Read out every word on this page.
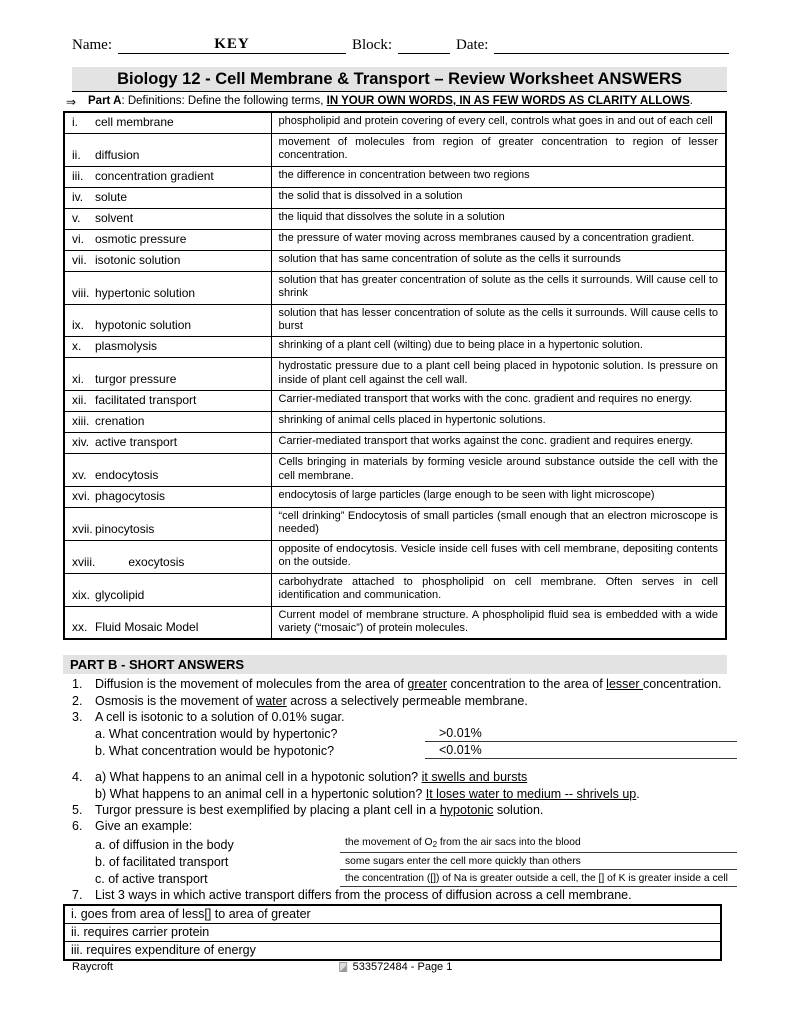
Name:	KEY	Block:	Date:
Biology 12 - Cell Membrane & Transport – Review Worksheet ANSWERS
⇒	Part A: Definitions: Define the following terms, IN YOUR OWN WORDS, IN AS FEW WORDS AS CLARITY ALLOWS.
i. cell membrane	phospholipid and protein covering of every cell, controls what goes in and out of each cell
ii. diffusion	movement of molecules from region of greater concentration to region of lesser concentration.
iii. concentration gradient	the difference in concentration between two regions
iv. solute	the solid that is dissolved in a solution
v. solvent	the liquid that dissolves the solute in a solution
vi. osmotic pressure	the pressure of water moving across membranes caused by a concentration gradient.
vii. isotonic solution	solution that has same concentration of solute as the cells it surrounds
viii. hypertonic solution	solution that has greater concentration of solute as the cells it surrounds. Will cause cell to shrink
ix. hypotonic solution	solution that has lesser concentration of solute as the cells it surrounds. Will cause cells to burst
x. plasmolysis	shrinking of a plant cell (wilting) due to being place in a hypertonic solution.
xi. turgor pressure	hydrostatic pressure due to a plant cell being placed in hypotonic solution. Is pressure on inside of plant cell against the cell wall.
xii. facilitated transport	Carrier-mediated transport that works with the conc. gradient and requires no energy.
xiii. crenation	shrinking of animal cells placed in hypertonic solutions.
xiv. active transport	Carrier-mediated transport that works against the conc. gradient and requires energy.
xv. endocytosis	Cells bringing in materials by forming vesicle around substance outside the cell with the cell membrane.
xvi. phagocytosis	endocytosis of large particles (large enough to be seen with light microscope)
xvii. pinocytosis	“cell drinking” Endocytosis of small particles (small enough that an electron microscope is needed)
xviii. exocytosis	opposite of endocytosis. Vesicle inside cell fuses with cell membrane, depositing contents on the outside.
xix. glycolipid	carbohydrate attached to phospholipid on cell membrane. Often serves in cell identification and communication.
xx. Fluid Mosaic Model	Current model of membrane structure. A phospholipid fluid sea is embedded with a wide variety (“mosaic”) of protein molecules.
PART B - SHORT ANSWERS
1.	Diffusion is the movement of molecules from the area of greater concentration to the area of lesser concentration.
2.	Osmosis is the movement of water across a selectively permeable membrane.
3.	A cell is isotonic to a solution of 0.01% sugar.
a. What concentration would by hypertonic?	>0.01%
b. What concentration would be hypotonic?	<0.01%
4.	a) What happens to an animal cell in a hypotonic solution? it swells and bursts
b) What happens to an animal cell in a hypertonic solution? It loses water to medium -- shrivels up.
5.	Turgor pressure is best exemplified by placing a plant cell in a hypotonic solution.
6.	Give an example:
a. of diffusion in the body	the movement of O2 from the air sacs into the blood
b. of facilitated transport	some sugars enter the cell more quickly than others
c. of active transport	the concentration ([]) of Na is greater outside a cell, the [] of K is greater inside a cell
7.	List 3 ways in which active transport differs from the process of diffusion across a cell membrane.
i. goes from area of less[] to area of greater
ii. requires carrier protein
iii. requires expenditure of energy
Raycroft	533572484 - Page 1
